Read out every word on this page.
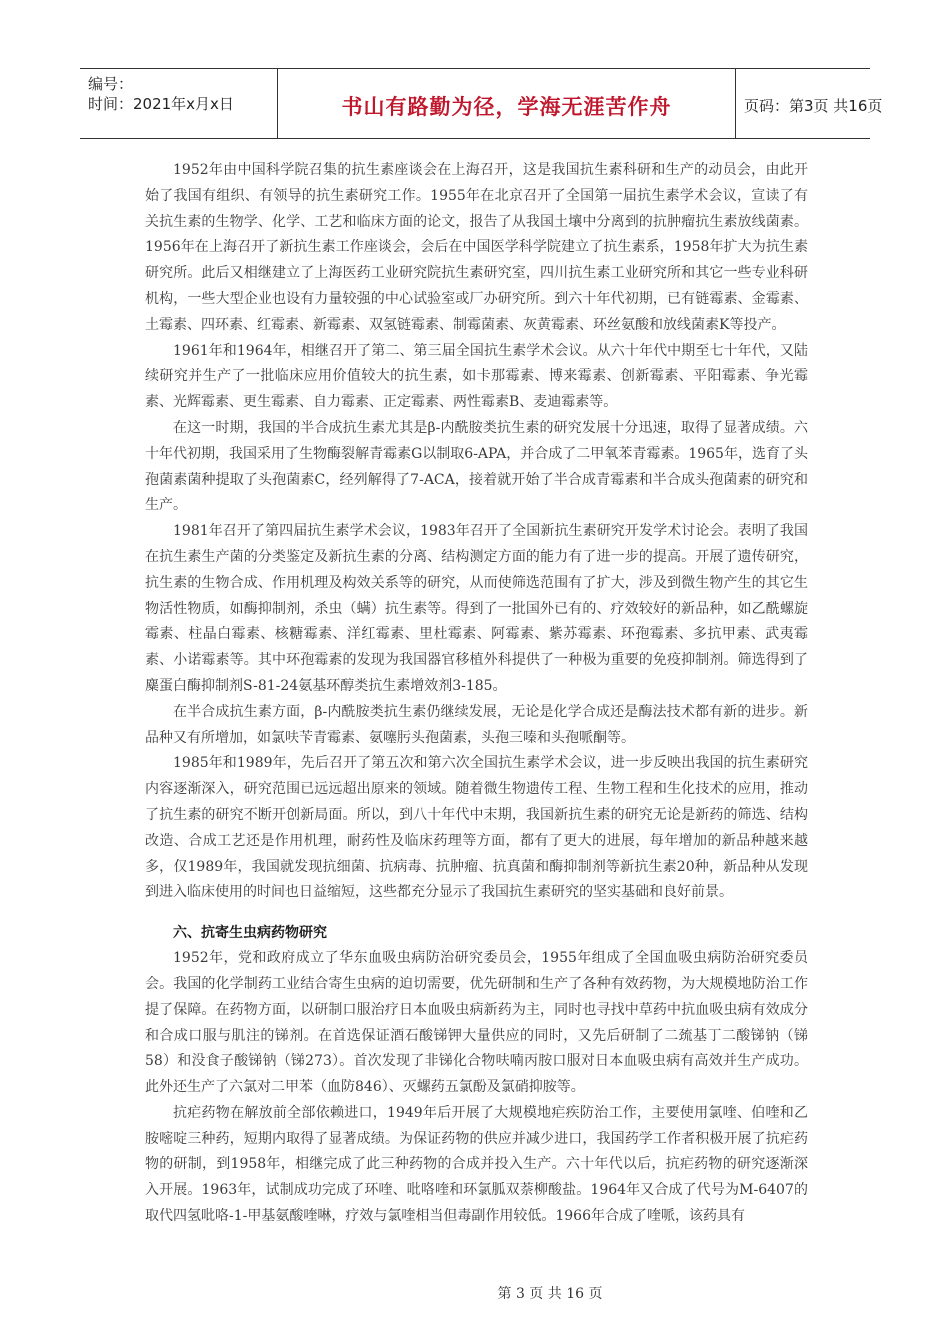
编号：
时间：2021年x月x日	书山有路勤为径，学海无涯苦作舟	页码：第3页 共16页

1952年由中国科学院召集的抗生素座谈会在上海召开，这是我国抗生素科研和生产的动员会，由此开始了我国有组织、有领导的抗生素研究工作。1955年在北京召开了全国第一届抗生素学术会议，宣读了有关抗生素的生物学、化学、工艺和临床方面的论文，报告了从我国土壤中分离到的抗肿瘤抗生素放线菌素。1956年在上海召开了新抗生素工作座谈会，会后在中国医学科学院建立了抗生素系，1958年扩大为抗生素研究所。此后又相继建立了上海医药工业研究院抗生素研究室，四川抗生素工业研究所和其它一些专业科研机构，一些大型企业也设有力量较强的中心试验室或厂办研究所。到六十年代初期，已有链霉素、金霉素、土霉素、四环素、红霉素、新霉素、双氢链霉素、制霉菌素、灰黄霉素、环丝氨酸和放线菌素K等投产。

1961年和1964年，相继召开了第二、第三届全国抗生素学术会议。从六十年代中期至七十年代，又陆续研究并生产了一批临床应用价值较大的抗生素，如卡那霉素、博来霉素、创新霉素、平阳霉素、争光霉素、光辉霉素、更生霉素、自力霉素、正定霉素、两性霉素B、麦迪霉素等。

在这一时期，我国的半合成抗生素尤其是β-内酰胺类抗生素的研究发展十分迅速，取得了显著成绩。六十年代初期，我国采用了生物酶裂解青霉素G以制取6-APA，并合成了二甲氧苯青霉素。1965年，选育了头孢菌素菌种提取了头孢菌素C，经列解得了7-ACA，接着就开始了半合成青霉素和半合成头孢菌素的研究和生产。

1981年召开了第四届抗生素学术会议，1983年召开了全国新抗生素研究开发学术讨论会。表明了我国在抗生素生产菌的分类鉴定及新抗生素的分离、结构测定方面的能力有了进一步的提高。开展了遗传研究，抗生素的生物合成、作用机理及构效关系等的研究，从而使筛选范围有了扩大，涉及到微生物产生的其它生物活性物质，如酶抑制剂，杀虫（螨）抗生素等。得到了一批国外已有的、疗效较好的新品种，如乙酰螺旋霉素、柱晶白霉素、核糖霉素、洋红霉素、里杜霉素、阿霉素、紫苏霉素、环孢霉素、多抗甲素、武夷霉素、小诺霉素等。其中环孢霉素的发现为我国器官移植外科提供了一种极为重要的免疫抑制剂。筛选得到了麋蛋白酶抑制剂S-81-24氨基环醇类抗生素增效剂3-185。

在半合成抗生素方面，β-内酰胺类抗生素仍继续发展，无论是化学合成还是酶法技术都有新的进步。新品种又有所增加，如氯呋苄青霉素、氨噻肟头孢菌素，头孢三嗪和头孢哌酮等。

1985年和1989年，先后召开了第五次和第六次全国抗生素学术会议，进一步反映出我国的抗生素研究内容逐渐深入，研究范围已远远超出原来的领域。随着微生物遗传工程、生物工程和生化技术的应用，推动了抗生素的研究不断开创新局面。所以，到八十年代中末期，我国新抗生素的研究无论是新药的筛选、结构改造、合成工艺还是作用机理，耐药性及临床药理等方面，都有了更大的进展，每年增加的新品种越来越多，仅1989年，我国就发现抗细菌、抗病毒、抗肿瘤、抗真菌和酶抑制剂等新抗生素20种，新品种从发现到进入临床使用的时间也日益缩短，这些都充分显示了我国抗生素研究的坚实基础和良好前景。

六、抗寄生虫病药物研究

1952年，党和政府成立了华东血吸虫病防治研究委员会，1955年组成了全国血吸虫病防治研究委员会。我国的化学制药工业结合寄生虫病的迫切需要，优先研制和生产了各种有效药物，为大规模地防治工作提了保障。在药物方面，以研制口服治疗日本血吸虫病新药为主，同时也寻找中草药中抗血吸虫病有效成分和合成口服与肌注的锑剂。在首选保证酒石酸锑钾大量供应的同时，又先后研制了二巯基丁二酸锑钠（锑58）和没食子酸锑钠（锑273）。首次发现了非锑化合物呋喃丙胺口服对日本血吸虫病有高效并生产成功。此外还生产了六氯对二甲苯（血防846）、灭螺药五氯酚及氯硝抑胺等。

抗疟药物在解放前全部依赖进口，1949年后开展了大规模地疟疾防治工作，主要使用氯喹、伯喹和乙胺嘧啶三种药，短期内取得了显著成绩。为保证药物的供应并减少进口，我国药学工作者积极开展了抗疟药物的研制，到1958年，相继完成了此三种药物的合成并投入生产。六十年代以后，抗疟药物的研究逐渐深入开展。1963年，试制成功完成了环喹、吡咯喹和环氯胍双萘柳酸盐。1964年又合成了代号为M-6407的取代四氢吡咯-1-甲基氨酸喹啉，疗效与氯喹相当但毒副作用较低。1966年合成了喹哌，该药具有

第 3 页 共 16 页
